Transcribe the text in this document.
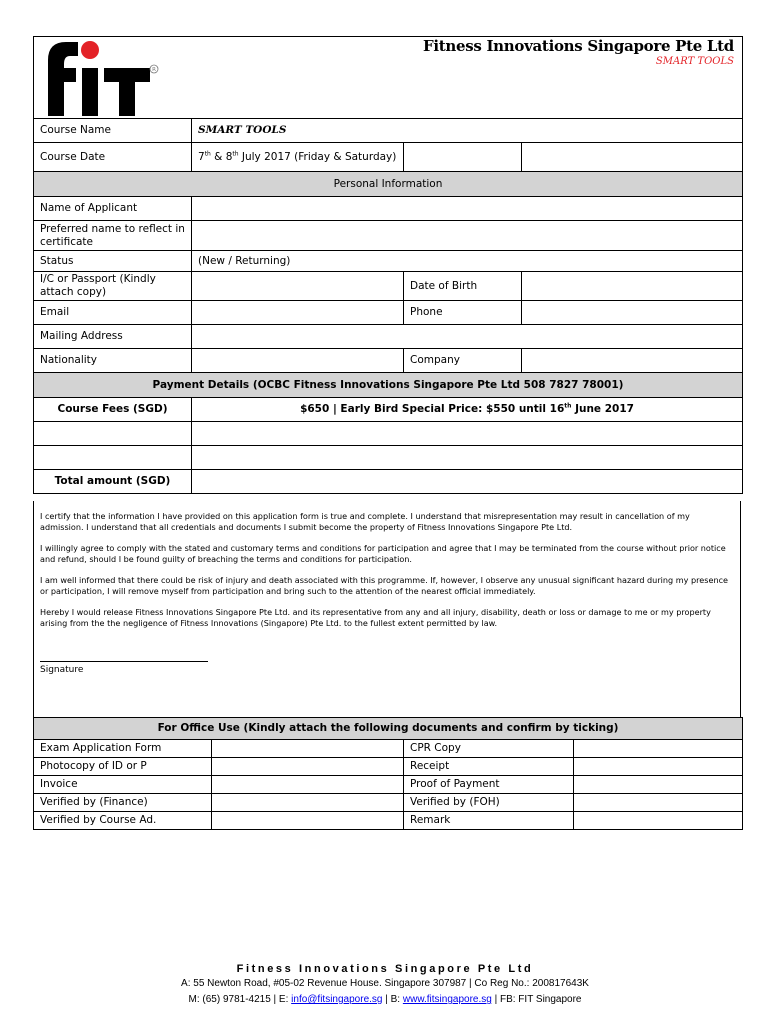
R
Fitness Innovations Singapore Pte Ltd
SMART TOOLS
Course Name	SMART TOOLS		
Course Date	7th & 8th July 2017 (Friday & Saturday)		
Personal Information			
Name of Applicant			
Preferred name to reflect in certificate			
Status	(New / Returning)		
I/C or Passport (Kindly attach copy)		Date of Birth	
Email		Phone	
Mailing Address			
Nationality		Company	
Payment Details (OCBC Fitness Innovations Singapore Pte Ltd 508 7827 78001)			
Course Fees (SGD)	$650 | Early Bird Special Price: $550 until 16th June 2017		

Total amount (SGD)			

I certify that the information I have provided on this application form is true and complete. I understand that misrepresentation may result in cancellation of my admission. I understand that all credentials and documents I submit become the property of Fitness Innovations Singapore Pte Ltd.

I willingly agree to comply with the stated and customary terms and conditions for participation and agree that I may be terminated from the course without prior notice and refund, should I be found guilty of breaching the terms and conditions for participation.

I am well informed that there could be risk of injury and death associated with this programme. If, however, I observe any unusual significant hazard during my presence or participation, I will remove myself from participation and bring such to the attention of the nearest official immediately.

Hereby I would release Fitness Innovations Singapore Pte Ltd. and its representative from any and all injury, disability, death or loss or damage to me or my property arising from the the negligence of Fitness Innovations (Singapore) Pte Ltd. to the fullest extent permitted by law.

Signature
For Office Use (Kindly attach the following documents and confirm by ticking)			
Exam Application Form		CPR Copy	
Photocopy of ID or P		Receipt	
Invoice		Proof of Payment	
Verified by (Finance)		Verified by (FOH)	
Verified by Course Ad.		Remark	
Fitness Innovations Singapore Pte Ltd
A: 55 Newton Road, #05-02 Revenue House. Singapore 307987 | Co Reg No.: 200817643K
M: (65) 9781-4215 | E: info@fitsingapore.sg | B: www.fitsingapore.sg | FB: FIT Singapore
